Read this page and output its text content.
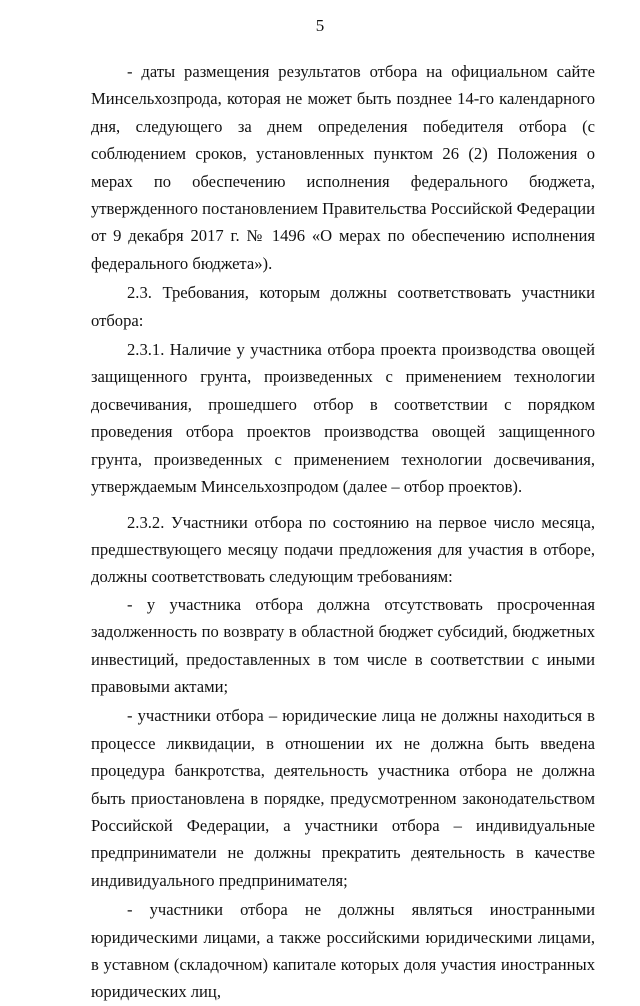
5

- даты размещения результатов отбора на официальном сайте Минсельхозпрода, которая не может быть позднее 14-го календарного дня, следующего за днем определения победителя отбора (с соблюдением сроков, установленных пунктом 26 (2) Положения о мерах по обеспечению исполнения федерального бюджета, утвержденного постановлением Правительства Российской Федерации от 9 декабря 2017 г. № 1496 «О мерах по обеспечению исполнения федерального бюджета»).

2.3. Требования, которым должны соответствовать участники отбора:

2.3.1. Наличие у участника отбора проекта производства овощей защищенного грунта, произведенных с применением технологии досвечивания, прошедшего отбор в соответствии с порядком проведения отбора проектов производства овощей защищенного грунта, произведенных с применением технологии досвечивания, утверждаемым Минсельхозпродом (далее – отбор проектов).

2.3.2. Участники отбора по состоянию на первое число месяца, предшествующего месяцу подачи предложения для участия в отборе, должны соответствовать следующим требованиям:

- у участника отбора должна отсутствовать просроченная задолженность по возврату в областной бюджет субсидий, бюджетных инвестиций, предоставленных в том числе в соответствии с иными правовыми актами;

- участники отбора – юридические лица не должны находиться в процессе ликвидации, в отношении их не должна быть введена процедура банкротства, деятельность участника отбора не должна быть приостановлена в порядке, предусмотренном законодательством Российской Федерации, а участники отбора – индивидуальные предприниматели не должны прекратить деятельность в качестве индивидуального предпринимателя;

- участники отбора не должны являться иностранными юридическими лицами, а также российскими юридическими лицами, в уставном (складочном) капитале которых доля участия иностранных юридических лиц,
